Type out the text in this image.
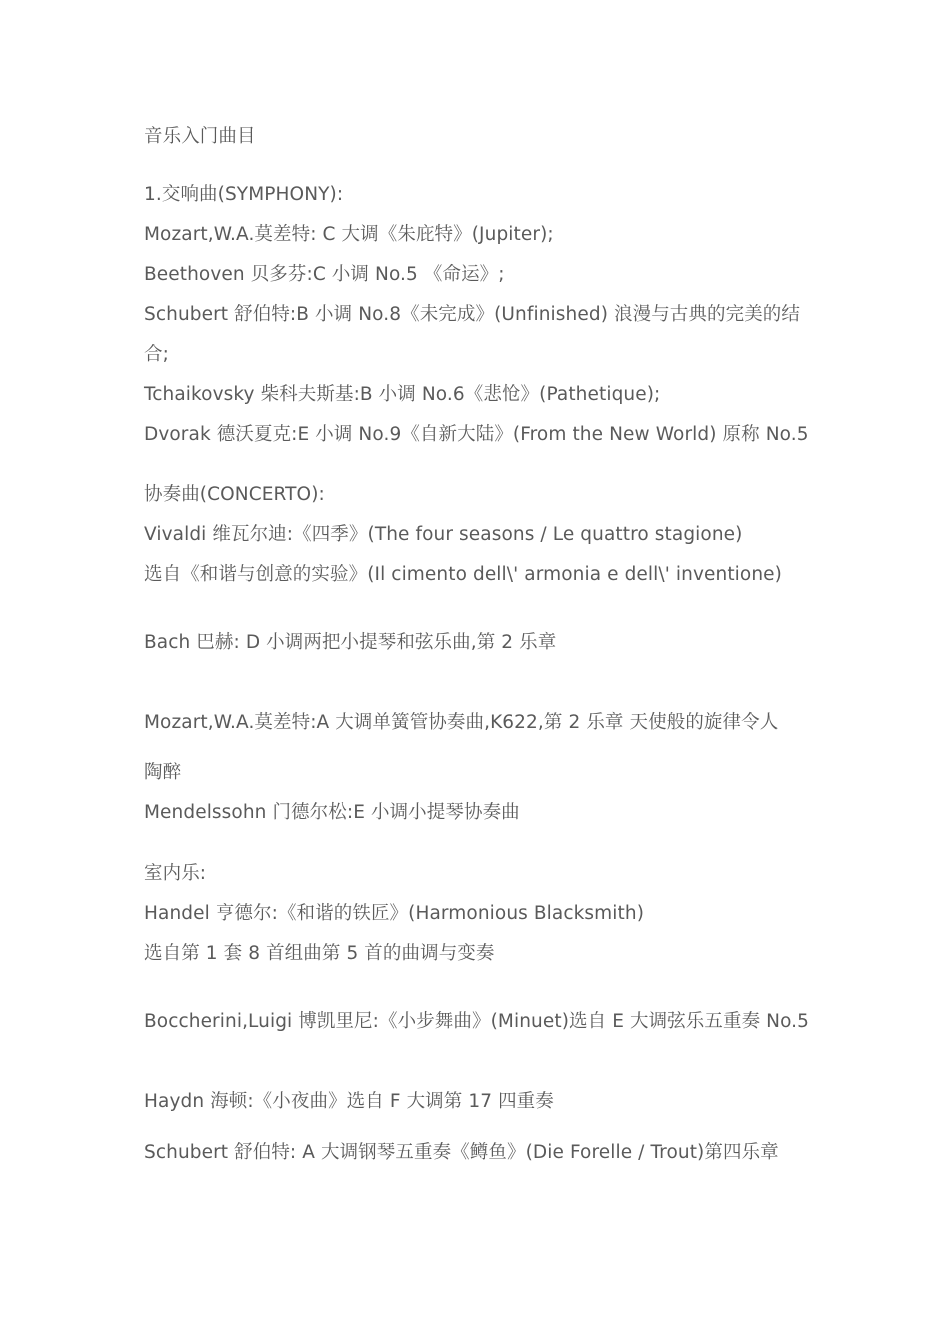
音乐入门曲目
1.交响曲(SYMPHONY):
Mozart,W.A.莫差特: C 大调《朱庇特》(Jupiter);
Beethoven 贝多芬:C 小调 No.5 《命运》;
Schubert 舒伯特:B 小调 No.8《未完成》(Unfinished) 浪漫与古典的完美的结
合;
Tchaikovsky 柴科夫斯基:B 小调 No.6《悲怆》(Pathetique);
Dvorak 德沃夏克:E 小调 No.9《自新大陆》(From the New World) 原称 No.5
协奏曲(CONCERTO):
Vivaldi 维瓦尔迪:《四季》(The four seasons / Le quattro stagione)
选自《和谐与创意的实验》(Il cimento dell\' armonia e dell\' inventione)
Bach 巴赫: D 小调两把小提琴和弦乐曲,第 2 乐章
Mozart,W.A.莫差特:A 大调单簧管协奏曲,K622,第 2 乐章 天使般的旋律令人
陶醉
Mendelssohn 门德尔松:E 小调小提琴协奏曲
室内乐:
Handel 亨德尔:《和谐的铁匠》(Harmonious Blacksmith)
选自第 1 套 8 首组曲第 5 首的曲调与变奏
Boccherini,Luigi 博凯里尼:《小步舞曲》(Minuet)选自 E 大调弦乐五重奏 No.5
Haydn 海顿:《小夜曲》选自 F 大调第 17 四重奏
Schubert 舒伯特: A 大调钢琴五重奏《鳟鱼》(Die Forelle / Trout)第四乐章
